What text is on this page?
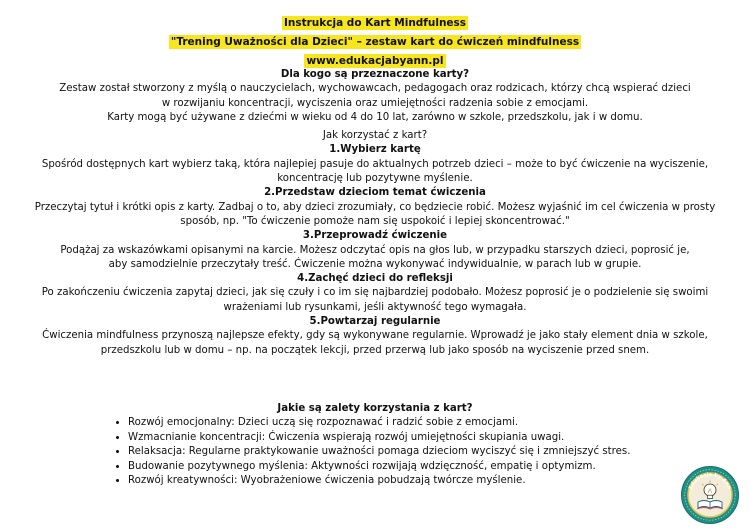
Instrukcja do Kart Mindfulness
"Trening Uważności dla Dzieci" – zestaw kart do ćwiczeń mindfulness
www.edukacjabyann.pl

Dla kogo są przeznaczone karty?

Zestaw został stworzony z myślą o nauczycielach, wychowawcach, pedagogach oraz rodzicach, którzy chcą wspierać dzieci

w rozwijaniu koncentracji, wyciszenia oraz umiejętności radzenia sobie z emocjami.

Karty mogą być używane z dziećmi w wieku od 4 do 10 lat, zarówno w szkole, przedszkolu, jak i w domu.

Jak korzystać z kart?

1.Wybierz kartę

Spośród dostępnych kart wybierz taką, która najlepiej pasuje do aktualnych potrzeb dzieci – może to być ćwiczenie na wyciszenie,

koncentrację lub pozytywne myślenie.

2.Przedstaw dzieciom temat ćwiczenia

Przeczytaj tytuł i krótki opis z karty. Zadbaj o to, aby dzieci zrozumiały, co będziecie robić. Możesz wyjaśnić im cel ćwiczenia w prosty

sposób, np. "To ćwiczenie pomoże nam się uspokoić i lepiej skoncentrować."

3.Przeprowadź ćwiczenie

Podążaj za wskazówkami opisanymi na karcie. Możesz odczytać opis na głos lub, w przypadku starszych dzieci, poprosić je,

aby samodzielnie przeczytały treść. Ćwiczenie można wykonywać indywidualnie, w parach lub w grupie.

4.Zachęć dzieci do refleksji

Po zakończeniu ćwiczenia zapytaj dzieci, jak się czuły i co im się najbardziej podobało. Możesz poprosić je o podzielenie się swoimi

wrażeniami lub rysunkami, jeśli aktywność tego wymagała.

5.Powtarzaj regularnie

Ćwiczenia mindfulness przynoszą najlepsze efekty, gdy są wykonywane regularnie. Wprowadź je jako stały element dnia w szkole,

przedszkolu lub w domu – np. na początek lekcji, przed przerwą lub jako sposób na wyciszenie przed snem.

Jakie są zalety korzystania z kart?
• Rozwój emocjonalny: Dzieci uczą się rozpoznawać i radzić sobie z emocjami.
• Wzmacnianie koncentracji: Ćwiczenia wspierają rozwój umiejętności skupiania uwagi.
• Relaksacja: Regularne praktykowanie uważności pomaga dzieciom wyciszyć się i zmniejszyć stres.
• Budowanie pozytywnego myślenia: Aktywności rozwijają wdzięczność, empatię i optymizm.
• Rozwój kreatywności: Wyobrażeniowe ćwiczenia pobudzają twórcze myślenie.
Edukacja by Ann
